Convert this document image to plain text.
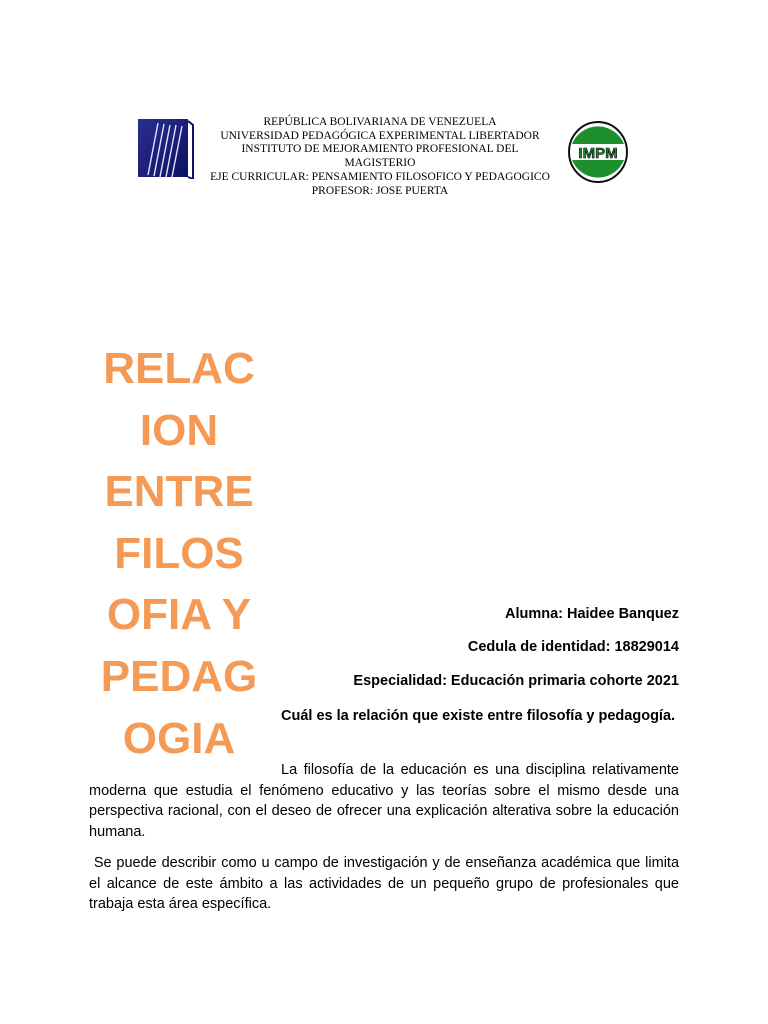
REPÚBLICA BOLIVARIANA DE VENEZUELA
UNIVERSIDAD PEDAGÓGICA EXPERIMENTAL LIBERTADOR
INSTITUTO DE MEJORAMIENTO PROFESIONAL DEL
MAGISTERIO
EJE CURRICULAR: PENSAMIENTO FILOSOFICO Y PEDAGOGICO
PROFESOR: JOSE PUERTA
IMPM
RELAC
ION
ENTRE
FILOS
OFIA Y
PEDAG
OGIA
Alumna: Haidee Banquez
Cedula de identidad: 18829014
Especialidad: Educación primaria cohorte 2021
Cuál es la relación que existe entre filosofía y pedagogía.
La filosofía de la educación es una disciplina relativamente moderna que estudia el fenómeno educativo y las teorías sobre el mismo desde una perspectiva racional, con el deseo de ofrecer una explicación alterativa sobre la educación humana.
Se puede describir como u campo de investigación y de enseñanza académica que limita el alcance de este ámbito a las actividades de un pequeño grupo de profesionales que trabaja esta área específica.
